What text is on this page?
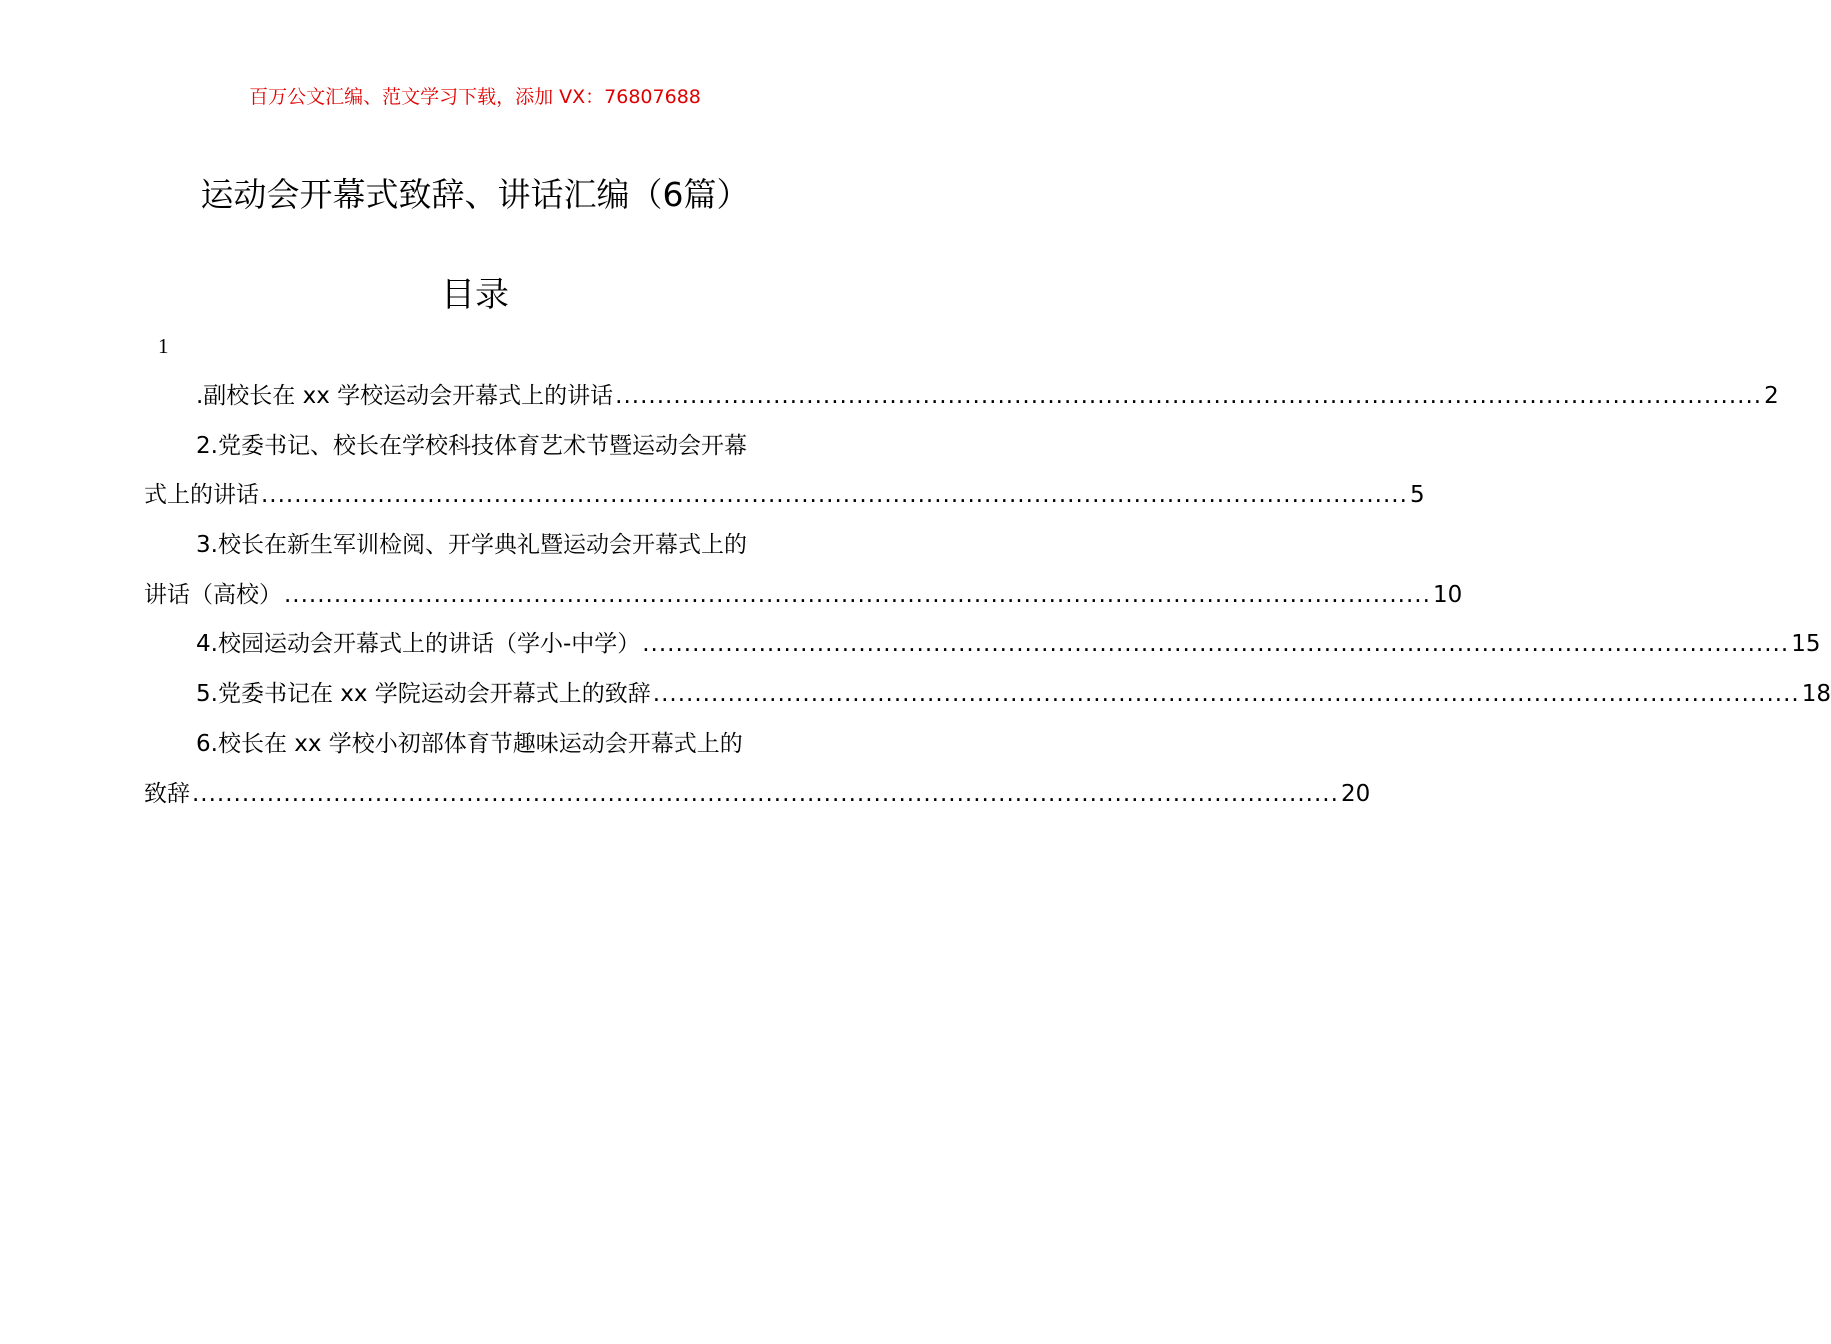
百万公文汇编、范文学习下载，添加 VX：76807688
运动会开幕式致辞、讲话汇编（6篇）
目录
1
.副校长在 xx 学校运动会开幕式上的讲话 .......................................................................................................................................... 2
2.党委书记、校长在学校科技体育艺术节暨运动会开幕
式上的讲话 .......................................................................................................................................... 5
3.校长在新生军训检阅、开学典礼暨运动会开幕式上的
讲话（高校） .......................................................................................................................................... 10
4.校园运动会开幕式上的讲话（学小-中学） .......................................................................................................................................... 15
5.党委书记在 xx 学院运动会开幕式上的致辞 .......................................................................................................................................... 18
6.校长在 xx 学校小初部体育节趣味运动会开幕式上的
致辞 .......................................................................................................................................... 20
